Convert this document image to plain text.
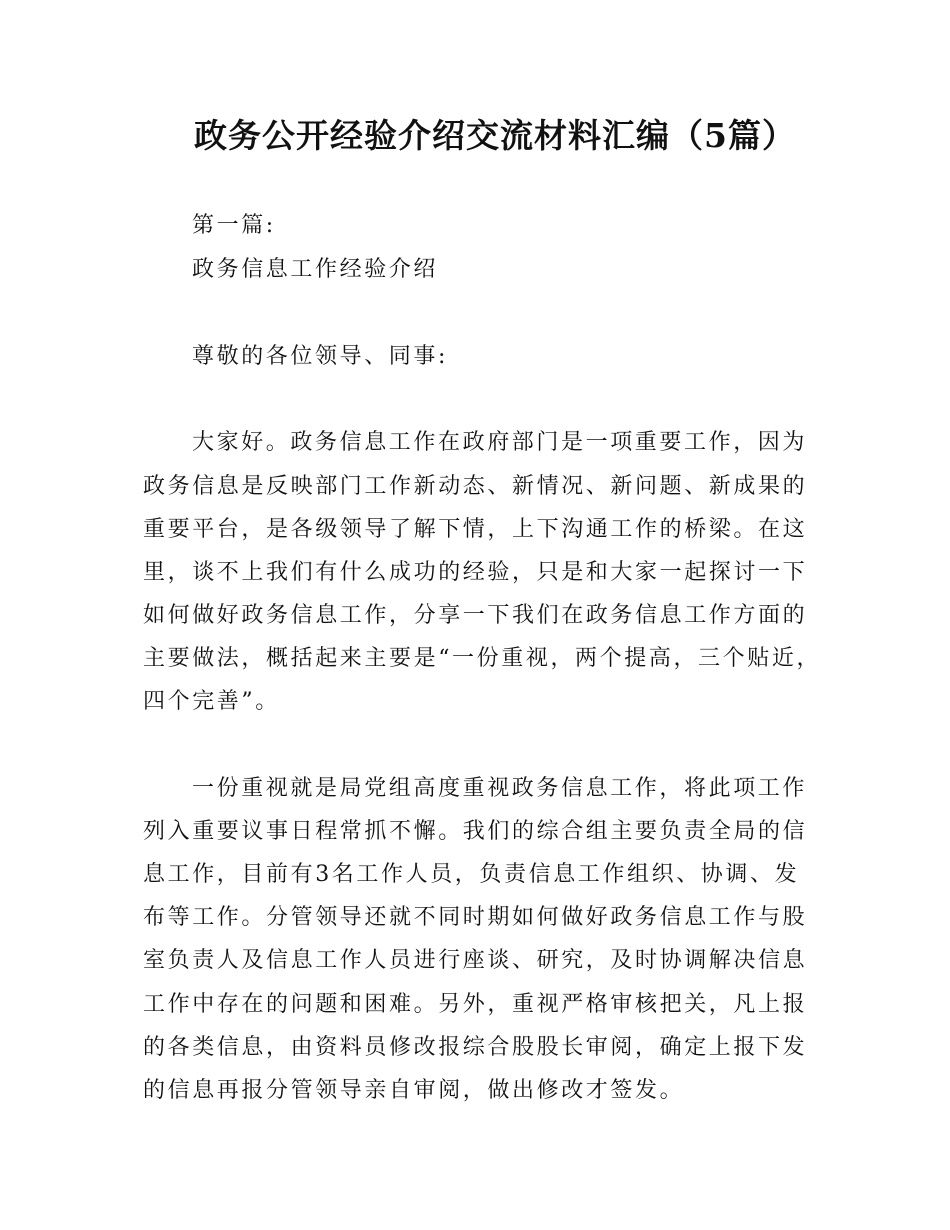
政务公开经验介绍交流材料汇编（5篇）
第一篇:
政务信息工作经验介绍
尊敬的各位领导、同事:
大家好。政务信息工作在政府部门是一项重要工作，因为
政务信息是反映部门工作新动态、新情况、新问题、新成果的
重要平台，是各级领导了解下情，上下沟通工作的桥梁。在这
里，谈不上我们有什么成功的经验，只是和大家一起探讨一下
如何做好政务信息工作，分享一下我们在政务信息工作方面的
主要做法，概括起来主要是“一份重视，两个提高，三个贴近，
四个完善”。
一份重视就是局党组高度重视政务信息工作，将此项工作
列入重要议事日程常抓不懈。我们的综合组主要负责全局的信
息工作，目前有3名工作人员，负责信息工作组织、协调、发
布等工作。分管领导还就不同时期如何做好政务信息工作与股
室负责人及信息工作人员进行座谈、研究，及时协调解决信息
工作中存在的问题和困难。另外，重视严格审核把关，凡上报
的各类信息，由资料员修改报综合股股长审阅，确定上报下发
的信息再报分管领导亲自审阅，做出修改才签发。
